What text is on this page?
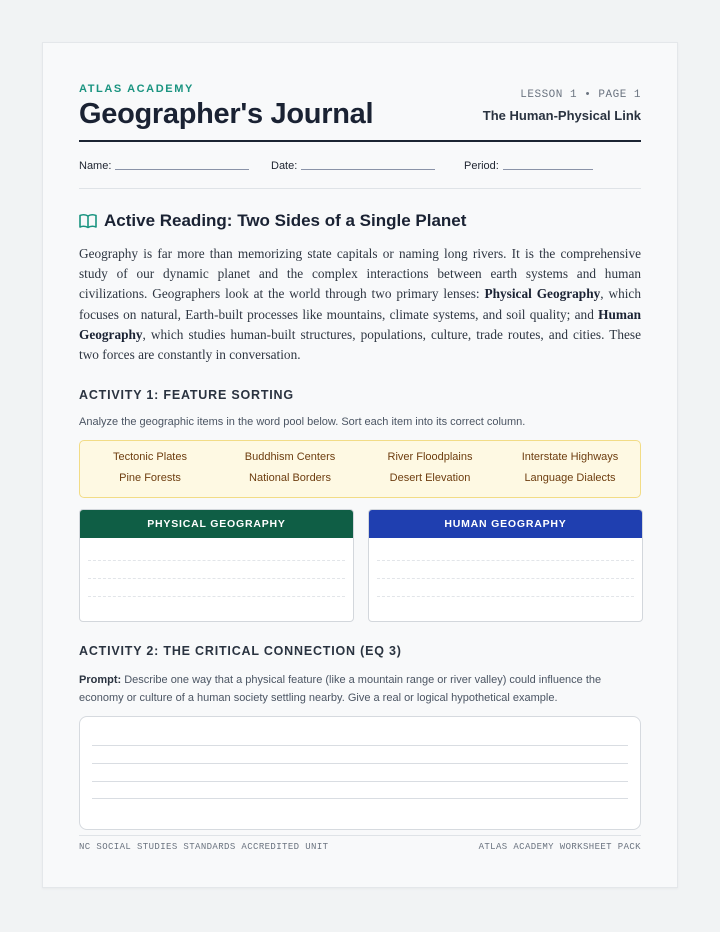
ATLAS ACADEMY
Geographer's Journal
LESSON 1 • PAGE 1
The Human-Physical Link
Name:	Date:	Period:
Active Reading: Two Sides of a Single Planet

Geography is far more than memorizing state capitals or naming long rivers. It is the comprehensive study of our dynamic planet and the complex interactions between earth systems and human civilizations. Geographers look at the world through two primary lenses: Physical Geography, which focuses on natural, Earth-built processes like mountains, climate systems, and soil quality; and Human Geography, which studies human-built structures, populations, culture, trade routes, and cities. These two forces are constantly in conversation.

ACTIVITY 1: FEATURE SORTING
Analyze the geographic items in the word pool below. Sort each item into its correct column.
Tectonic Plates	Buddhism Centers	River Floodplains	Interstate Highways
Pine Forests	National Borders	Desert Elevation	Language Dialects
PHYSICAL GEOGRAPHY	HUMAN GEOGRAPHY
ACTIVITY 2: THE CRITICAL CONNECTION (EQ 3)

Prompt: Describe one way that a physical feature (like a mountain range or river valley) could influence the economy or culture of a human society settling nearby. Give a real or logical hypothetical example.

NC SOCIAL STUDIES STANDARDS ACCREDITED UNIT	ATLAS ACADEMY WORKSHEET PACK
